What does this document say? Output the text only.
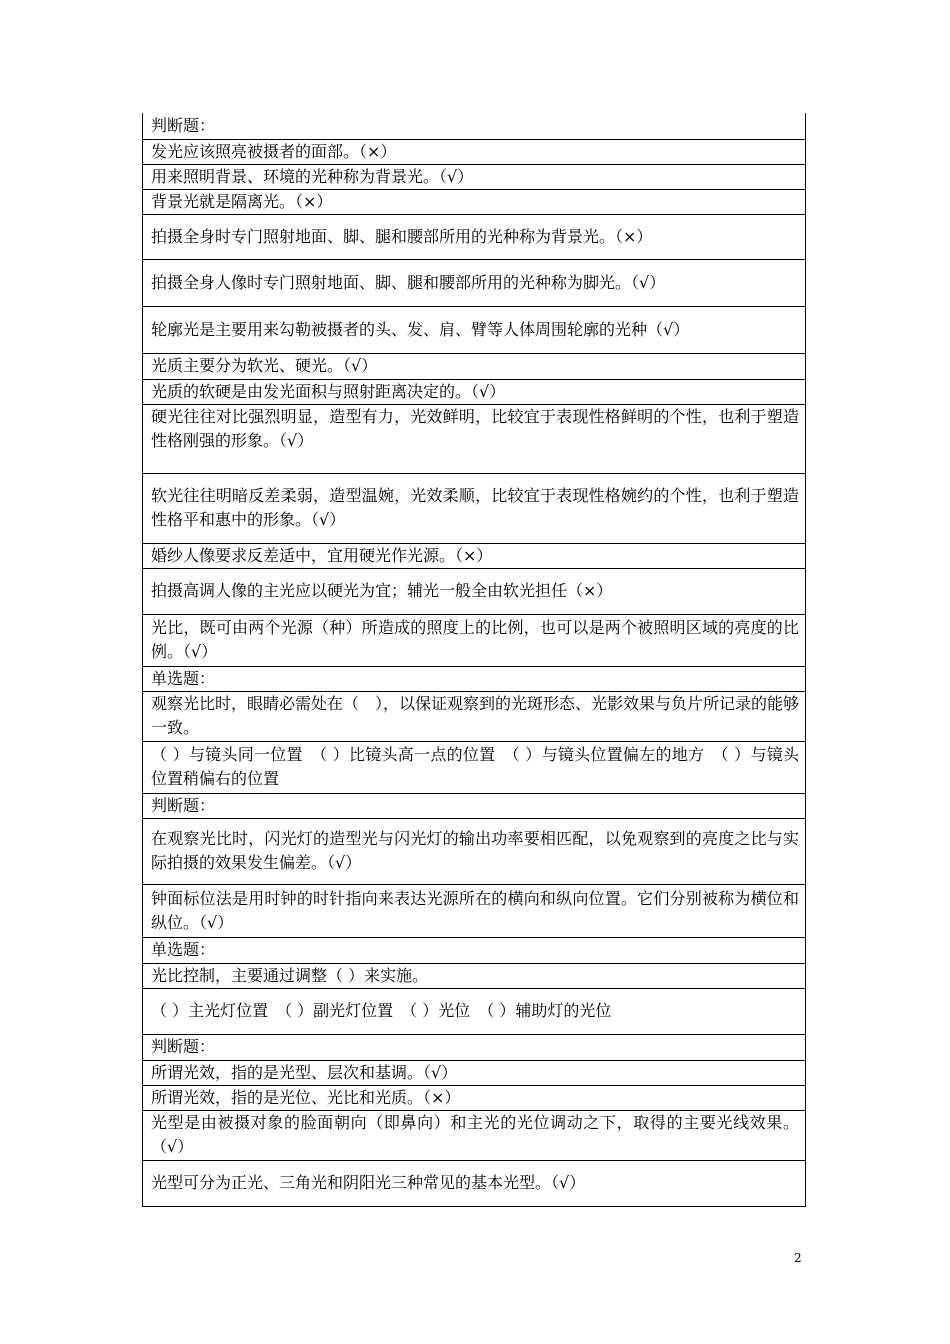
判断题：
发光应该照亮被摄者的面部。（×）
用来照明背景、环境的光种称为背景光。（√）
背景光就是隔离光。（×）
拍摄全身时专门照射地面、脚、腿和腰部所用的光种称为背景光。（×）
拍摄全身人像时专门照射地面、脚、腿和腰部所用的光种称为脚光。（√）
轮廓光是主要用来勾勒被摄者的头、发、肩、臂等人体周围轮廓的光种（√）
光质主要分为软光、硬光。（√）
光质的软硬是由发光面积与照射距离决定的。（√）
硬光往往对比强烈明显，造型有力，光效鲜明，比较宜于表现性格鲜明的个性，也利于塑造性格刚强的形象。（√）
软光往往明暗反差柔弱，造型温婉，光效柔顺，比较宜于表现性格婉约的个性，也利于塑造性格平和惠中的形象。（√）
婚纱人像要求反差适中，宜用硬光作光源。（×）
拍摄高调人像的主光应以硬光为宜；辅光一般全由软光担任（×）
光比，既可由两个光源（种）所造成的照度上的比例，也可以是两个被照明区域的亮度的比例。（√）
单选题：
观察光比时，眼睛必需处在（　），以保证观察到的光斑形态、光影效果与负片所记录的能够一致。
（ ）与镜头同一位置　（ ）比镜头高一点的位置　（ ）与镜头位置偏左的地方　（ ）与镜头位置稍偏右的位置
判断题：
在观察光比时，闪光灯的造型光与闪光灯的输出功率要相匹配，以免观察到的亮度之比与实际拍摄的效果发生偏差。（√）
钟面标位法是用时钟的时针指向来表达光源所在的横向和纵向位置。它们分别被称为横位和纵位。（√）
单选题：
光比控制，主要通过调整（ ）来实施。
（ ）主光灯位置　（ ）副光灯位置　（ ）光位　（ ）辅助灯的光位
判断题：
所谓光效，指的是光型、层次和基调。（√）
所谓光效，指的是光位、光比和光质。（×）
光型是由被摄对象的脸面朝向（即鼻向）和主光的光位调动之下，取得的主要光线效果。（√）
光型可分为正光、三角光和阴阳光三种常见的基本光型。（√）
2
